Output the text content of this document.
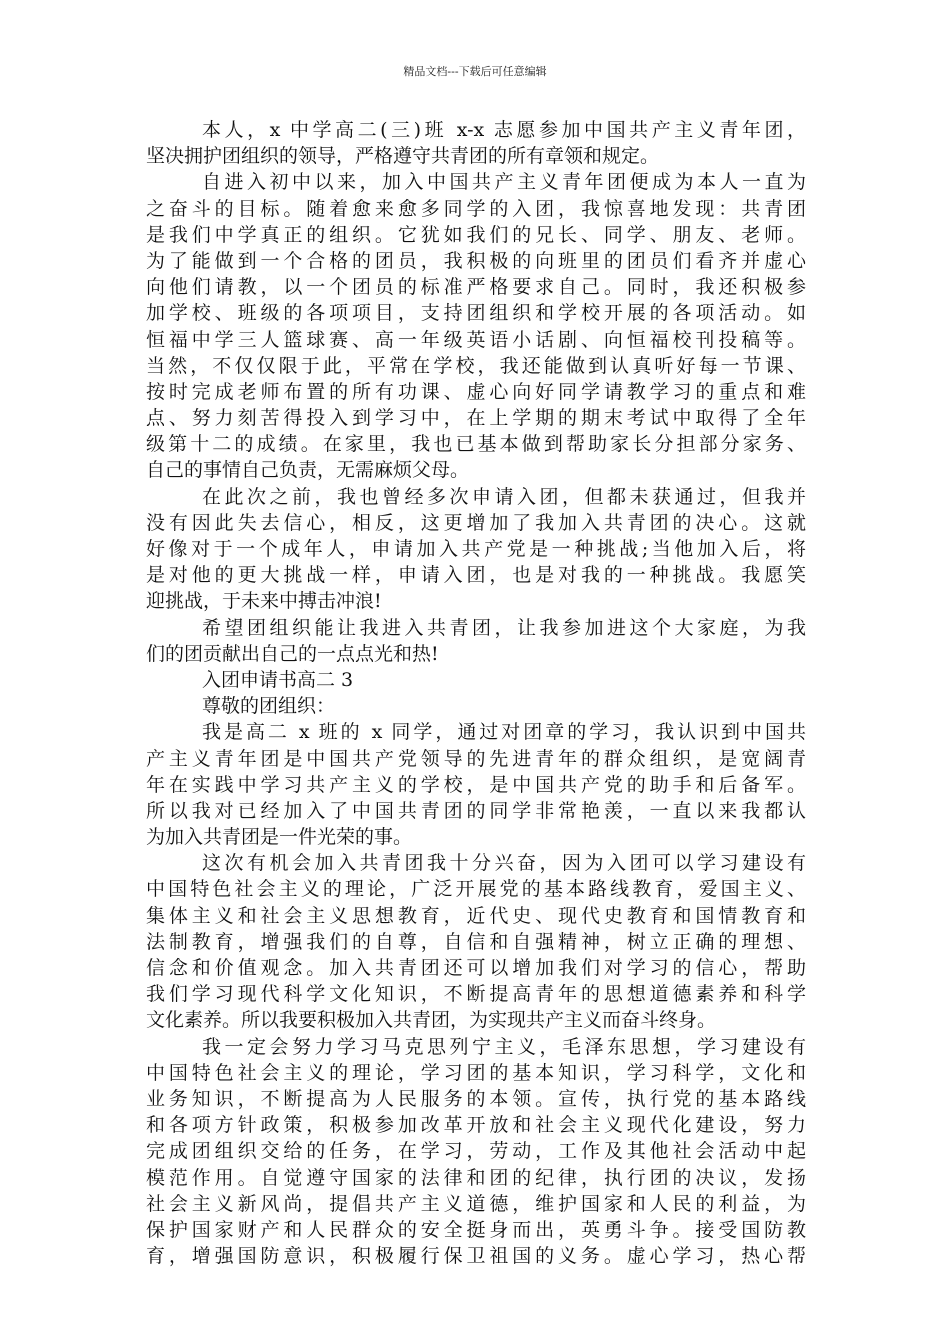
精品文档---下载后可任意编辑
本人，x 中学高二(三)班 x-x 志愿参加中国共产主义青年团，
坚决拥护团组织的领导，严格遵守共青团的所有章领和规定。
自进入初中以来，加入中国共产主义青年团便成为本人一直为
之奋斗的目标。随着愈来愈多同学的入团，我惊喜地发现：共青团
是我们中学真正的组织。它犹如我们的兄长、同学、朋友、老师。
为了能做到一个合格的团员，我积极的向班里的团员们看齐并虚心
向他们请教，以一个团员的标准严格要求自己。同时，我还积极参
加学校、班级的各项项目，支持团组织和学校开展的各项活动。如
恒福中学三人篮球赛、高一年级英语小话剧、向恒福校刊投稿等。
当然，不仅仅限于此，平常在学校，我还能做到认真听好每一节课、
按时完成老师布置的所有功课、虚心向好同学请教学习的重点和难
点、努力刻苦得投入到学习中，在上学期的期末考试中取得了全年
级第十二的成绩。在家里，我也已基本做到帮助家长分担部分家务、
自己的事情自己负责，无需麻烦父母。
在此次之前，我也曾经多次申请入团，但都未获通过，但我并
没有因此失去信心，相反，这更增加了我加入共青团的决心。这就
好像对于一个成年人，申请加入共产党是一种挑战;当他加入后，将
是对他的更大挑战一样，申请入团，也是对我的一种挑战。我愿笑
迎挑战，于未来中搏击冲浪!
希望团组织能让我进入共青团，让我参加进这个大家庭，为我
们的团贡献出自己的一点点光和热!
入团申请书高二 3
尊敬的团组织：
我是高二 x 班的 x 同学，通过对团章的学习，我认识到中国共
产主义青年团是中国共产党领导的先进青年的群众组织，是宽阔青
年在实践中学习共产主义的学校，是中国共产党的助手和后备军。
所以我对已经加入了中国共青团的同学非常艳羡，一直以来我都认
为加入共青团是一件光荣的事。
这次有机会加入共青团我十分兴奋，因为入团可以学习建设有
中国特色社会主义的理论，广泛开展党的基本路线教育，爱国主义、
集体主义和社会主义思想教育，近代史、现代史教育和国情教育和
法制教育，增强我们的自尊，自信和自强精神，树立正确的理想、
信念和价值观念。加入共青团还可以增加我们对学习的信心，帮助
我们学习现代科学文化知识，不断提高青年的思想道德素养和科学
文化素养。所以我要积极加入共青团，为实现共产主义而奋斗终身。
我一定会努力学习马克思列宁主义，毛泽东思想，学习建设有
中国特色社会主义的理论，学习团的基本知识，学习科学，文化和
业务知识，不断提高为人民服务的本领。宣传，执行党的基本路线
和各项方针政策，积极参加改革开放和社会主义现代化建设，努力
完成团组织交给的任务，在学习，劳动，工作及其他社会活动中起
模范作用。自觉遵守国家的法律和团的纪律，执行团的决议，发扬
社会主义新风尚，提倡共产主义道德，维护国家和人民的利益，为
保护国家财产和人民群众的安全挺身而出，英勇斗争。接受国防教
育，增强国防意识，积极履行保卫祖国的义务。虚心学习，热心帮
